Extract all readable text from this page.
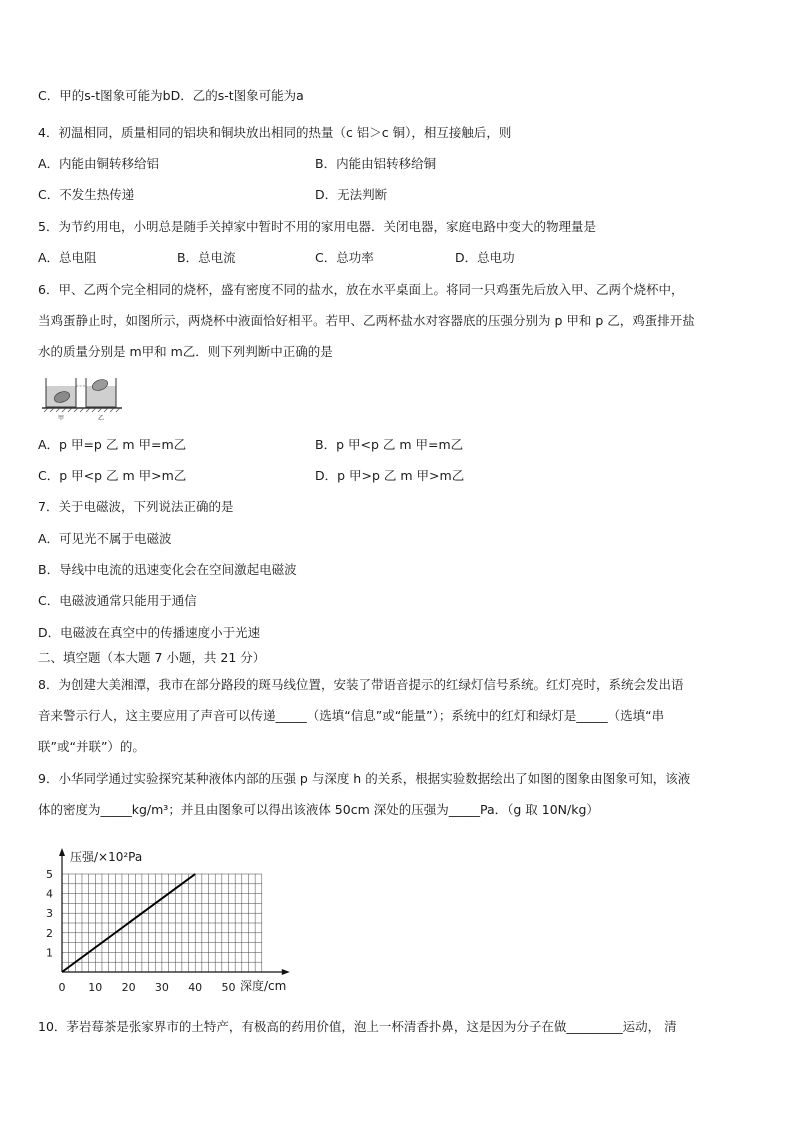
C．甲的s-t图象可能为bD．乙的s-t图象可能为a
4．初温相同，质量相同的铝块和铜块放出相同的热量（c 铝＞c 铜），相互接触后，则
A．内能由铜转移给铝	B．内能由铝转移给铜
C．不发生热传递	D．无法判断
5．为节约用电，小明总是随手关掉家中暂时不用的家用电器．关闭电器，家庭电路中变大的物理量是
A．总电阻	B．总电流	C．总功率	D．总电功
6．甲、乙两个完全相同的烧杯，盛有密度不同的盐水，放在水平桌面上。将同一只鸡蛋先后放入甲、乙两个烧杯中，
当鸡蛋静止时，如图所示，两烧杯中液面恰好相平。若甲、乙两杯盐水对容器底的压强分别为 p 甲和 p 乙，鸡蛋排开盐
水的质量分别是 m甲和 m乙．则下列判断中正确的是
甲	乙
A．p 甲=p 乙 m 甲=m乙	B．p 甲<p 乙 m 甲=m乙
C．p 甲<p 乙 m 甲>m乙	D．p 甲>p 乙 m 甲>m乙
7．关于电磁波，下列说法正确的是
A．可见光不属于电磁波
B．导线中电流的迅速变化会在空间激起电磁波
C．电磁波通常只能用于通信
D．电磁波在真空中的传播速度小于光速
二、填空题（本大题 7 小题，共 21 分）
8．为创建大美湘潭，我市在部分路段的斑马线位置，安装了带语音提示的红绿灯信号系统。红灯亮时，系统会发出语
音来警示行人，这主要应用了声音可以传递_____（选填“信息”或“能量”）；系统中的红灯和绿灯是_____（选填“串
联”或“并联”）的。
9．小华同学通过实验探究某种液体内部的压强 p 与深度 h 的关系，根据实验数据绘出了如图的图象由图象可知，该液
体的密度为_____kg/m³；并且由图象可以得出该液体 50cm 深处的压强为_____Pa．（g 取 10N/kg）
0 10 20 30 40 50
1
2
3
4
5
压强/×10²Pa
深度/cm
10．茅岩莓茶是张家界市的土特产，有极高的药用价值，泡上一杯清香扑鼻，这是因为分子在做_________运动， 清
